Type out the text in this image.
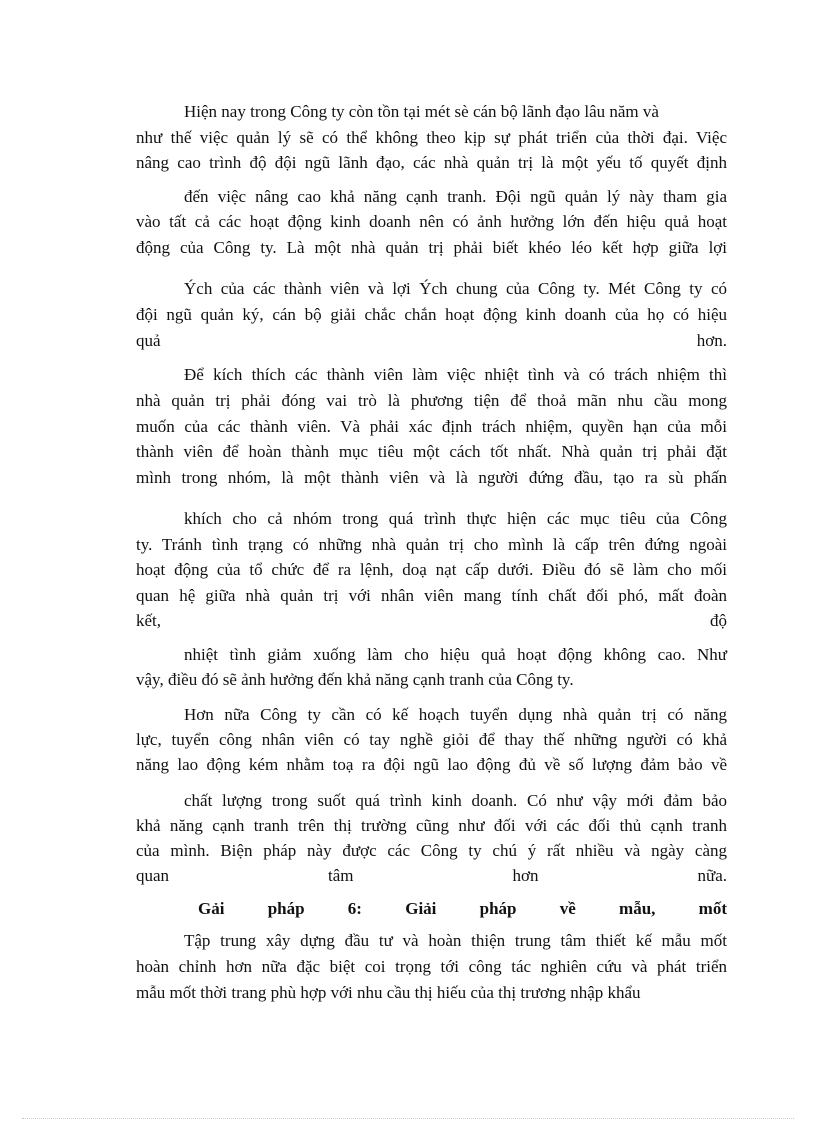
Hiện nay trong Công ty còn tồn tại mét sè cán bộ lãnh đạo lâu năm và
như thế việc quản lý sẽ có thể không theo kịp sự phát triển của thời đại. Việc
nâng cao trình độ đội ngũ lãnh đạo, các nhà quản trị là một yếu tố quyết định
đến việc nâng cao khả năng cạnh tranh. Đội ngũ quản lý này tham gia
vào tất cả các hoạt động kinh doanh nên có ảnh hưởng lớn đến hiệu quả hoạt
động của Công ty. Là một nhà quản trị phải biết khéo léo kết hợp giữa lợi
Ých của các thành viên và lợi Ých chung của Công ty. Mét Công ty có
đội ngũ quản ký, cán bộ giải chắc chắn hoạt động kinh doanh của họ có hiệu
quả hơn.
Để kích thích các thành viên làm việc nhiệt tình và có trách nhiệm thì
nhà quản trị phải đóng vai trò là phương tiện để thoả mãn nhu cầu mong
muốn của các thành viên. Và phải xác định trách nhiệm, quyền hạn của mỗi
thành viên để hoàn thành mục tiêu một cách tốt nhất. Nhà quản trị phải đặt
mình trong nhóm, là một thành viên và là người đứng đầu, tạo ra sù phấn
khích cho cả nhóm trong quá trình thực hiện các mục tiêu của Công
ty. Tránh tình trạng có những nhà quản trị cho mình là cấp trên đứng ngoài
hoạt động của tổ chức để ra lệnh, doạ nạt cấp dưới. Điều đó sẽ làm cho mối
quan hệ giữa nhà quản trị với nhân viên mang tính chất đối phó, mất đoàn
kết, độ
nhiệt tình giảm xuống làm cho hiệu quả hoạt động không cao. Như
vậy, điều đó sẽ ảnh hưởng đến khả năng cạnh tranh của Công ty.
Hơn nữa Công ty cần có kế hoạch tuyển dụng nhà quản trị có năng
lực, tuyển công nhân viên có tay nghề giỏi để thay thế những người có khả
năng lao động kém nhằm toạ ra đội ngũ lao động đủ về số lượng đảm bảo về
chất lượng trong suốt quá trình kinh doanh. Có như vậy mới đảm bảo
khả năng cạnh tranh trên thị trường cũng như đối với các đối thủ cạnh tranh
của mình. Biện pháp này được các Công ty chú ý rất nhiều và ngày càng
quan tâm hơn nữa.
Gải pháp 6: Giải pháp về mẫu, mốt
Tập trung xây dựng đầu tư và hoàn thiện trung tâm thiết kế mẫu mốt
hoàn chỉnh hơn nữa đặc biệt coi trọng tới công tác nghiên cứu và phát triển
mẫu mốt thời trang phù hợp với nhu cầu thị hiếu của thị trương nhập khẩu
